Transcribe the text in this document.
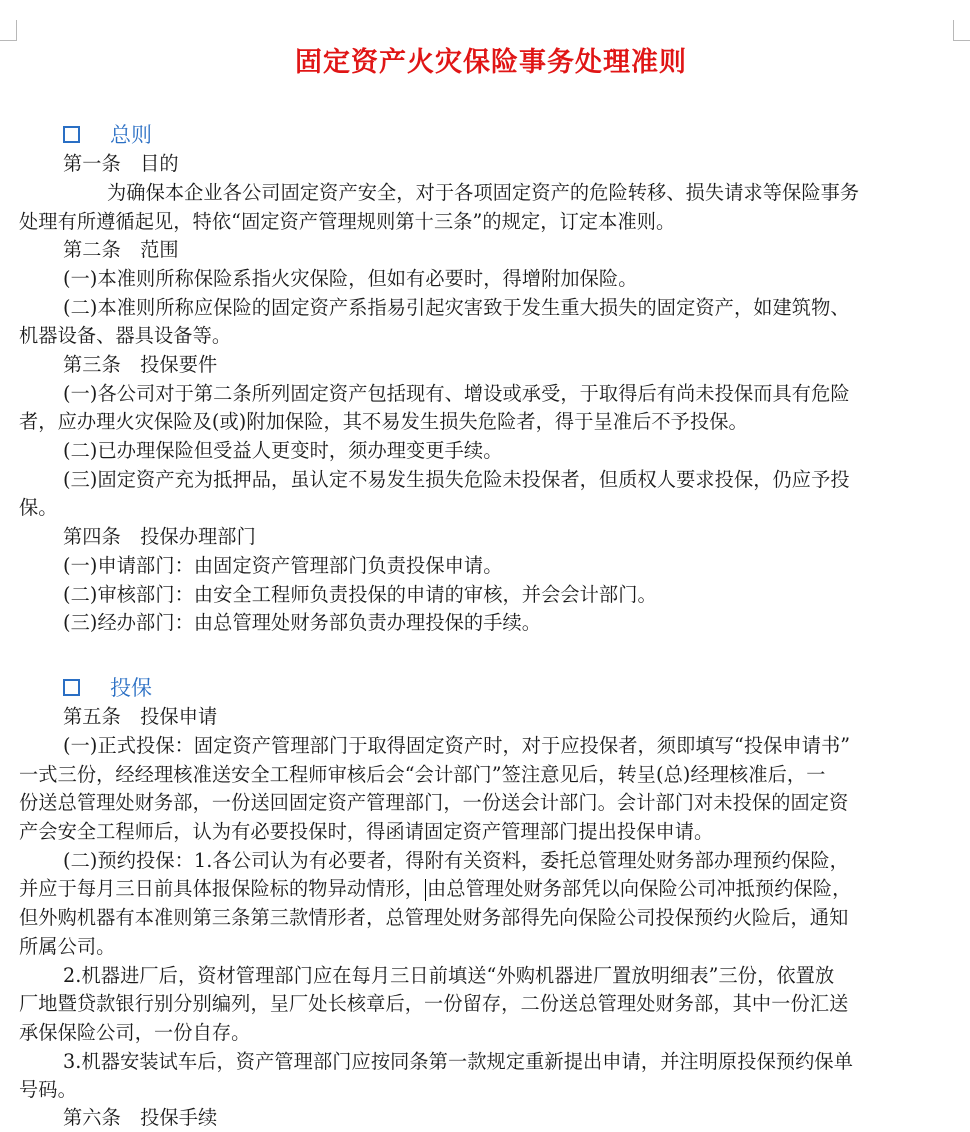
固定资产火灾保险事务处理准则
总则
第一条　目的
为确保本企业各公司固定资产安全，对于各项固定资产的危险转移、损失请求等保险事务
处理有所遵循起见，特依“固定资产管理规则第十三条”的规定，订定本准则。
第二条　范围
(一)本准则所称保险系指火灾保险，但如有必要时，得增附加保险。
(二)本准则所称应保险的固定资产系指易引起灾害致于发生重大损失的固定资产，如建筑物、
机器设备、器具设备等。
第三条　投保要件
(一)各公司对于第二条所列固定资产包括现有、增设或承受，于取得后有尚未投保而具有危险
者，应办理火灾保险及(或)附加保险，其不易发生损失危险者，得于呈准后不予投保。
(二)已办理保险但受益人更变时，须办理变更手续。
(三)固定资产充为抵押品，虽认定不易发生损失危险未投保者，但质权人要求投保，仍应予投
保。
第四条　投保办理部门
(一)申请部门：由固定资产管理部门负责投保申请。
(二)审核部门：由安全工程师负责投保的申请的审核，并会会计部门。
(三)经办部门：由总管理处财务部负责办理投保的手续。
投保
第五条　投保申请
(一)正式投保：固定资产管理部门于取得固定资产时，对于应投保者，须即填写“投保申请书”
一式三份，经经理核准送安全工程师审核后会“会计部门”签注意见后，转呈(总)经理核准后，一
份送总管理处财务部，一份送回固定资产管理部门，一份送会计部门。会计部门对未投保的固定资
产会安全工程师后，认为有必要投保时，得函请固定资产管理部门提出投保申请。
(二)预约投保：1.各公司认为有必要者，得附有关资料，委托总管理处财务部办理预约保险，
并应于每月三日前具体报保险标的物异动情形， 由总管理处财务部凭以向保险公司冲抵预约保险，
但外购机器有本准则第三条第三款情形者，总管理处财务部得先向保险公司投保预约火险后，通知
所属公司。
2.机器进厂后，资材管理部门应在每月三日前填送“外购机器进厂置放明细表”三份，依置放
厂地暨贷款银行别分别编列，呈厂处长核章后，一份留存，二份送总管理处财务部，其中一份汇送
承保保险公司，一份自存。
3.机器安装试车后，资产管理部门应按同条第一款规定重新提出申请，并注明原投保预约保单
号码。
第六条　投保手续
